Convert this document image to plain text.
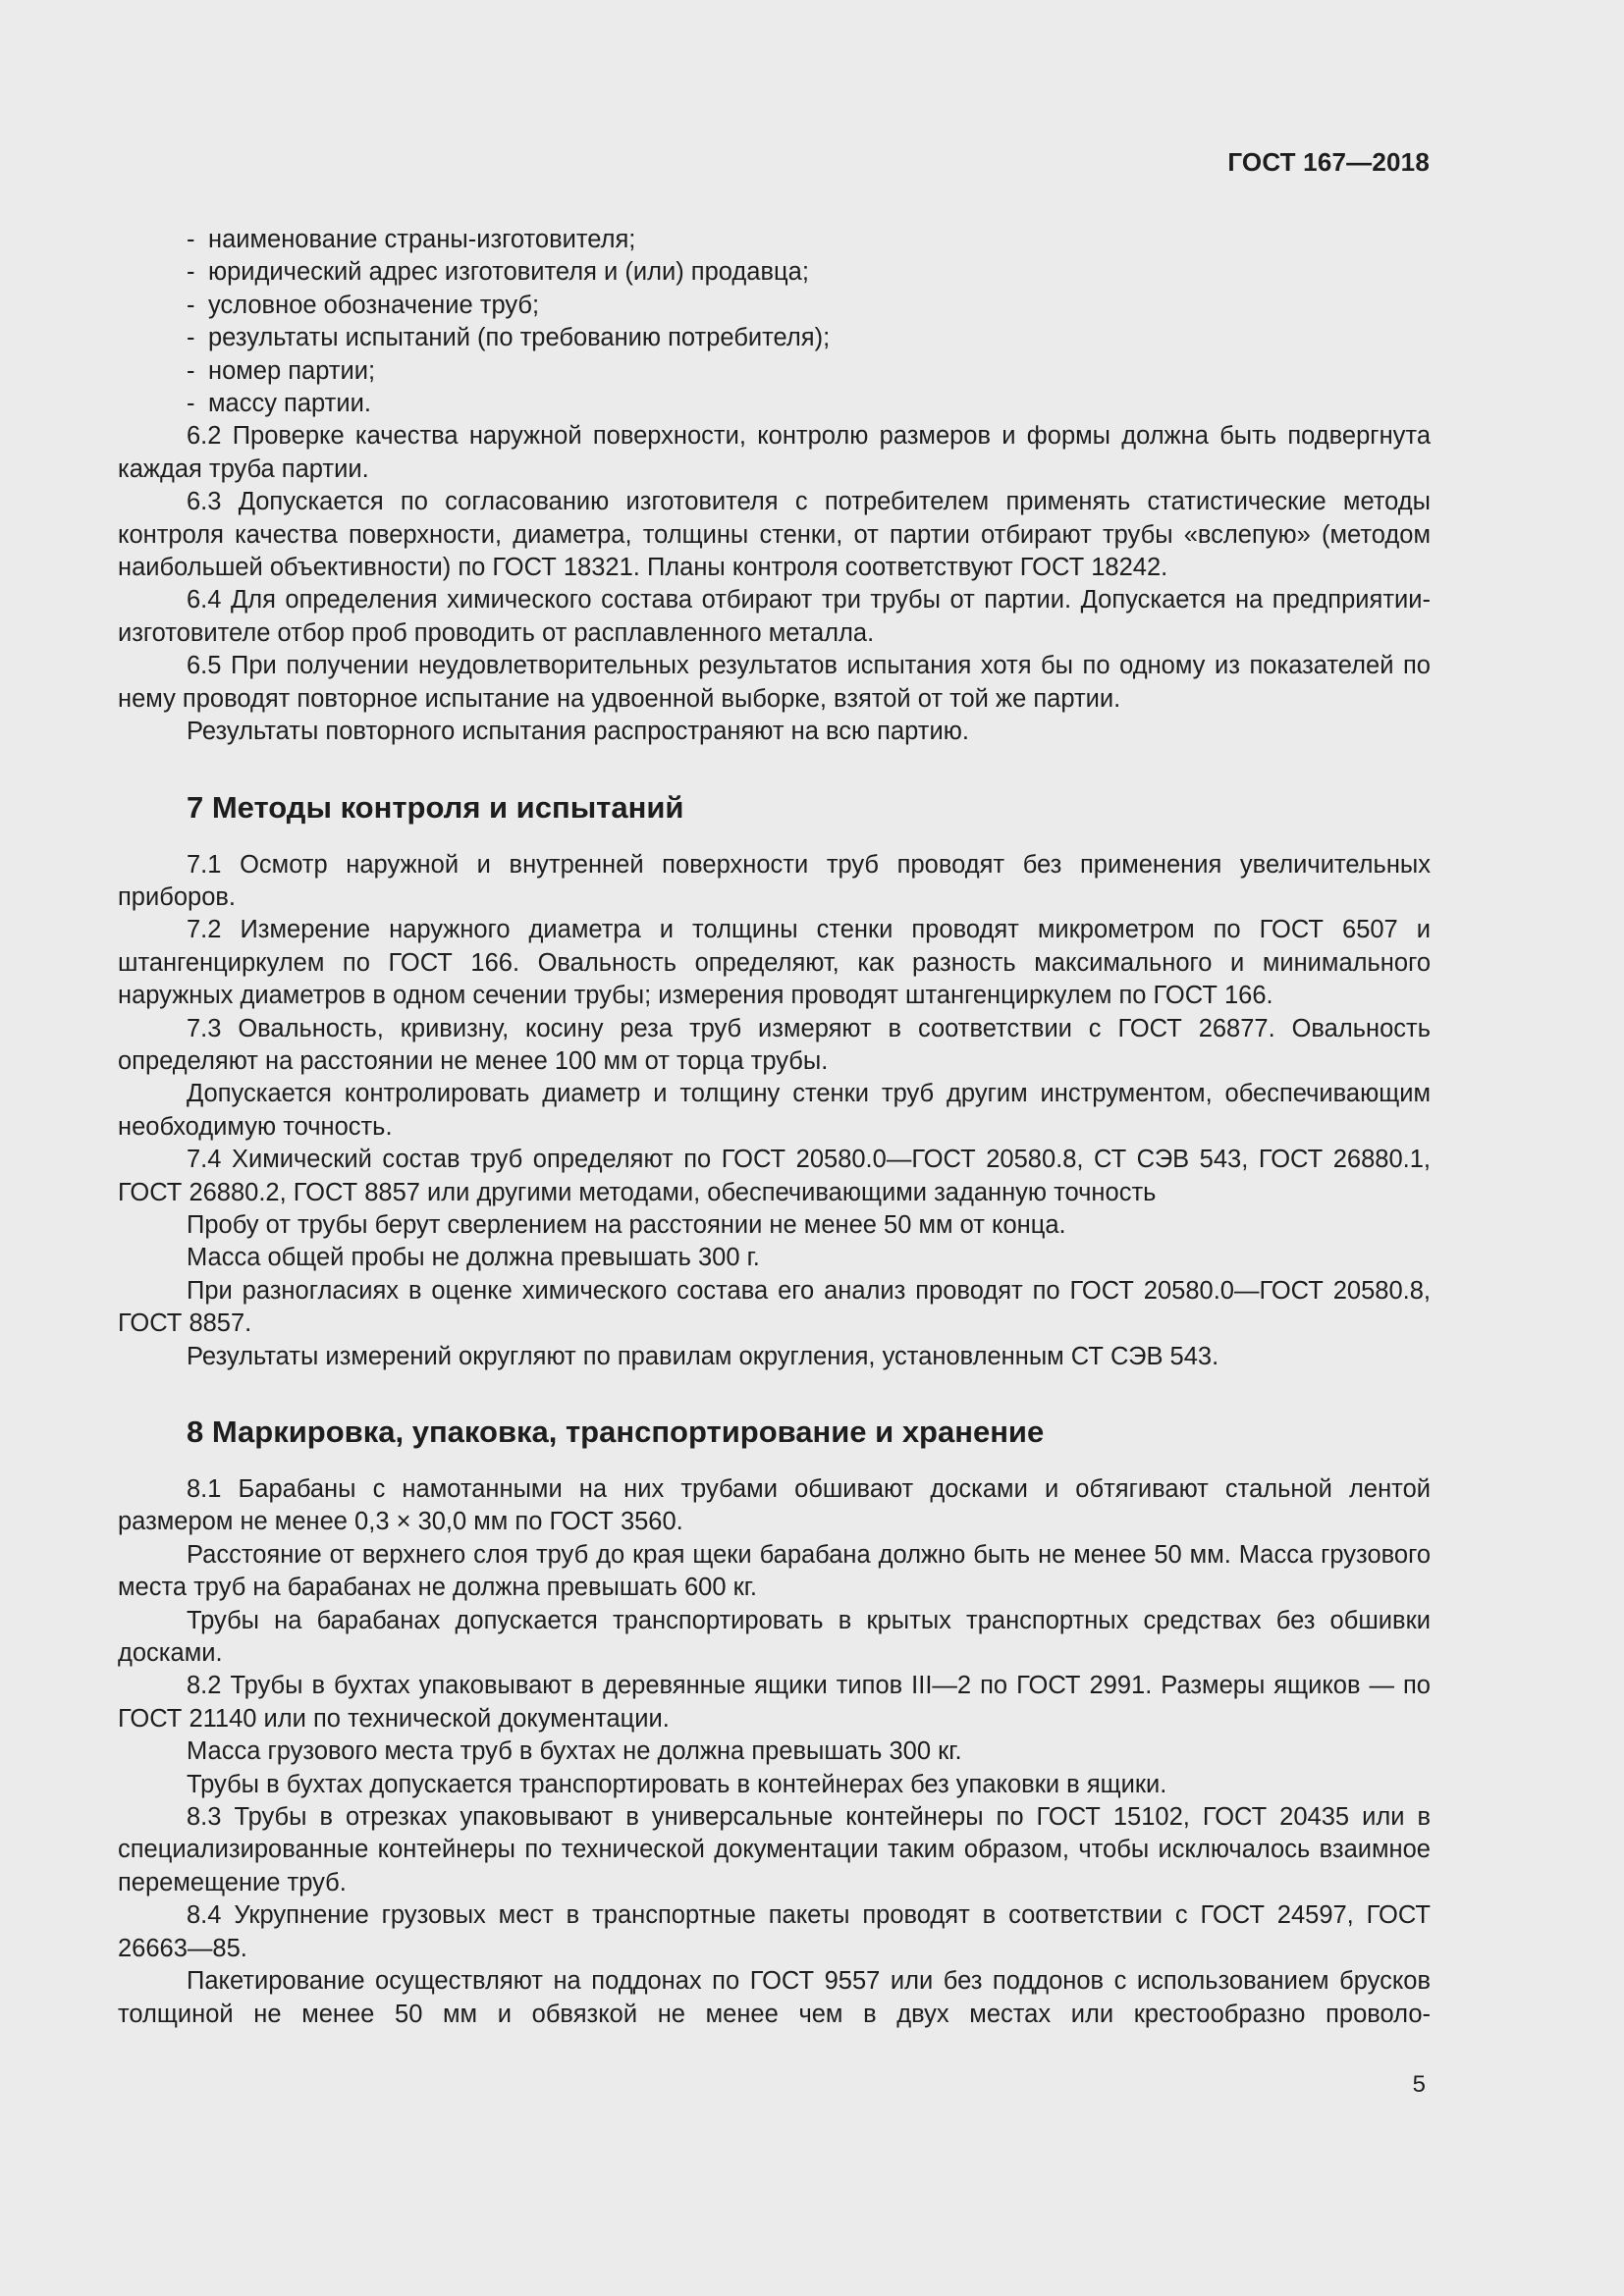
ГОСТ 167—2018
- наименование страны-изготовителя;
- юридический адрес изготовителя и (или) продавца;
- условное обозначение труб;
- результаты испытаний (по требованию потребителя);
- номер партии;
- массу партии.

6.2 Проверке качества наружной поверхности, контролю размеров и формы должна быть подвергнута каждая труба партии.

6.3 Допускается по согласованию изготовителя с потребителем применять статистические методы контроля качества поверхности, диаметра, толщины стенки, от партии отбирают трубы «вслепую» (методом наибольшей объективности) по ГОСТ 18321. Планы контроля соответствуют ГОСТ 18242.

6.4 Для определения химического состава отбирают три трубы от партии. Допускается на предприятии-изготовителе отбор проб проводить от расплавленного металла.

6.5 При получении неудовлетворительных результатов испытания хотя бы по одному из показателей по нему проводят повторное испытание на удвоенной выборке, взятой от той же партии.

Результаты повторного испытания распространяют на всю партию.

7 Методы контроля и испытаний

7.1 Осмотр наружной и внутренней поверхности труб проводят без применения увеличительных приборов.

7.2 Измерение наружного диаметра и толщины стенки проводят микрометром по ГОСТ 6507 и штангенциркулем по ГОСТ 166. Овальность определяют, как разность максимального и минимального наружных диаметров в одном сечении трубы; измерения проводят штангенциркулем по ГОСТ 166.

7.3 Овальность, кривизну, косину реза труб измеряют в соответствии с ГОСТ 26877. Овальность определяют на расстоянии не менее 100 мм от торца трубы.

Допускается контролировать диаметр и толщину стенки труб другим инструментом, обеспечивающим необходимую точность.

7.4 Химический состав труб определяют по ГОСТ 20580.0—ГОСТ 20580.8, СТ СЭВ 543, ГОСТ 26880.1, ГОСТ 26880.2, ГОСТ 8857 или другими методами, обеспечивающими заданную точность

Пробу от трубы берут сверлением на расстоянии не менее 50 мм от конца.

Масса общей пробы не должна превышать 300 г.

При разногласиях в оценке химического состава его анализ проводят по ГОСТ 20580.0—ГОСТ 20580.8, ГОСТ 8857.

Результаты измерений округляют по правилам округления, установленным СТ СЭВ 543.

8 Маркировка, упаковка, транспортирование и хранение

8.1 Барабаны с намотанными на них трубами обшивают досками и обтягивают стальной лентой размером не менее 0,3 × 30,0 мм по ГОСТ 3560.

Расстояние от верхнего слоя труб до края щеки барабана должно быть не менее 50 мм. Масса грузового места труб на барабанах не должна превышать 600 кг.

Трубы на барабанах допускается транспортировать в крытых транспортных средствах без обшивки досками.

8.2 Трубы в бухтах упаковывают в деревянные ящики типов III—2 по ГОСТ 2991. Размеры ящиков — по ГОСТ 21140 или по технической документации.

Масса грузового места труб в бухтах не должна превышать 300 кг.

Трубы в бухтах допускается транспортировать в контейнерах без упаковки в ящики.

8.3 Трубы в отрезках упаковывают в универсальные контейнеры по ГОСТ 15102, ГОСТ 20435 или в специализированные контейнеры по технической документации таким образом, чтобы исключалось взаимное перемещение труб.

8.4 Укрупнение грузовых мест в транспортные пакеты проводят в соответствии с ГОСТ 24597, ГОСТ 26663—85.

Пакетирование осуществляют на поддонах по ГОСТ 9557 или без поддонов с использованием брусков толщиной не менее 50 мм и обвязкой не менее чем в двух местах или крестообразно проволо-

5
